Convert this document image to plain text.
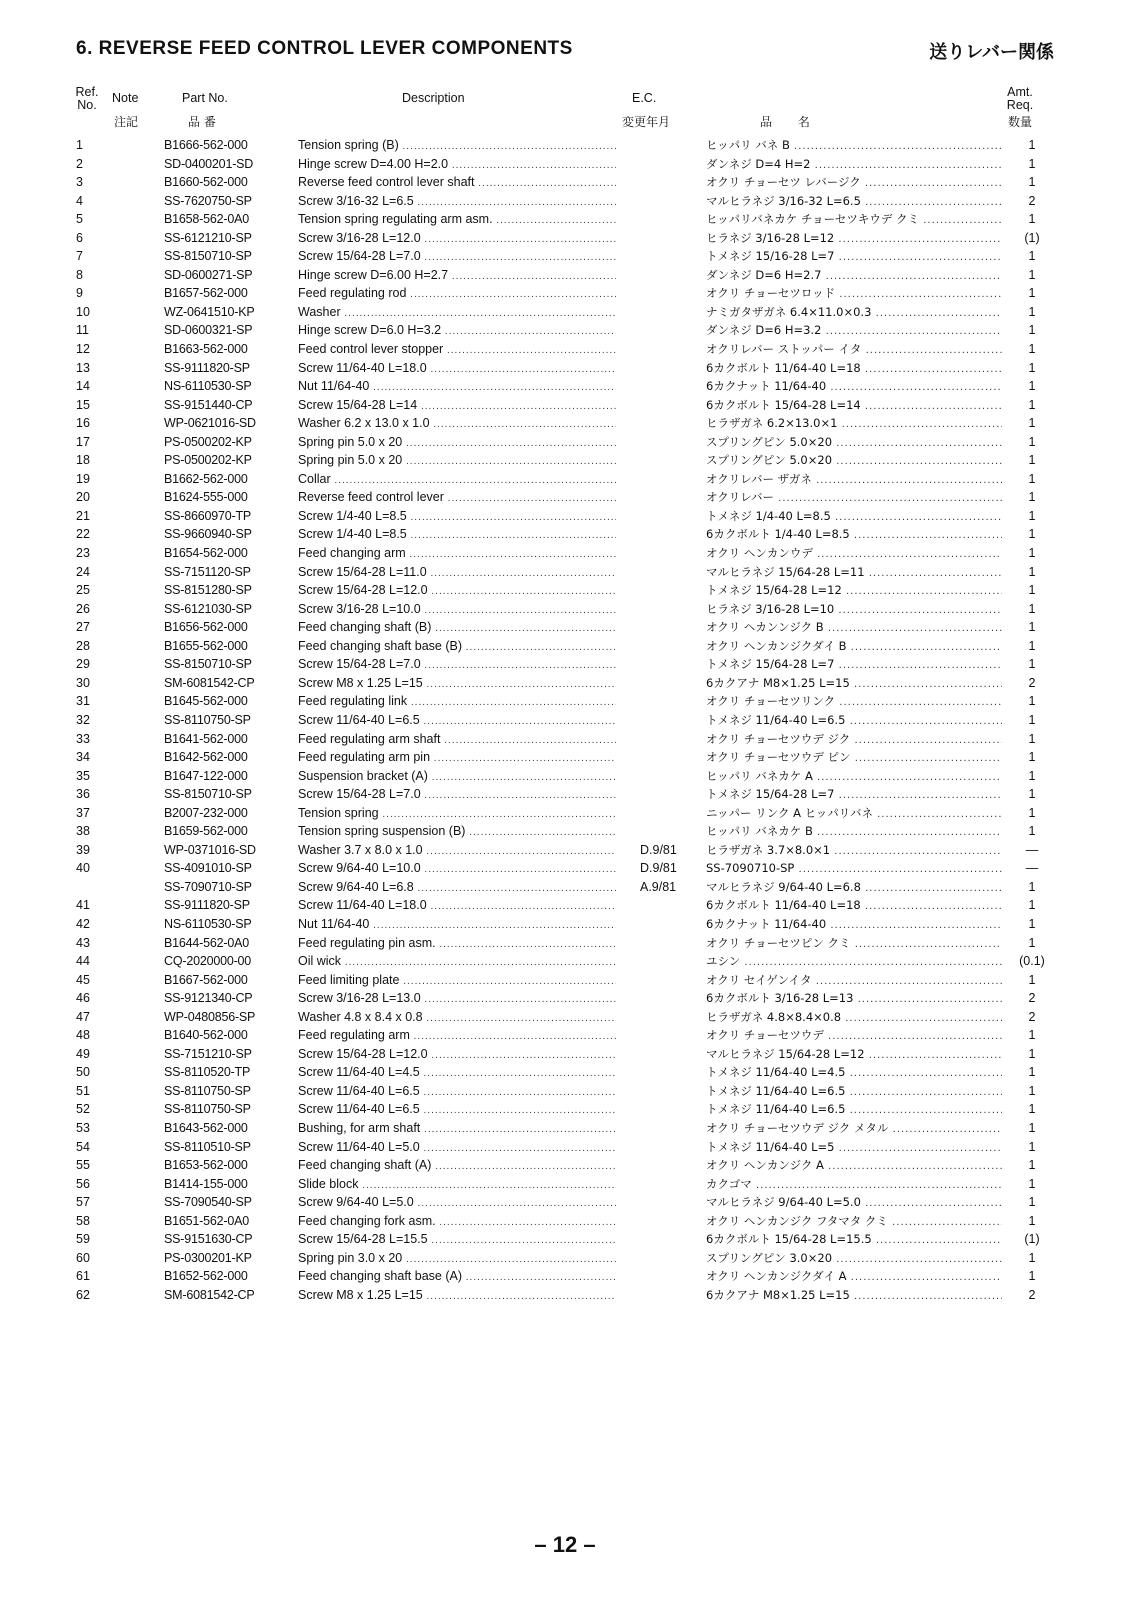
6. REVERSE FEED CONTROL LEVER COMPONENTS	送りレバー関係
Ref.
No.	Note	Part No.	Description	E.C.	Amt.
Req.
注記	品 番	変更年月	品 名	数量
1	B1666-562-000	Tension spring (B) .....	ヒッパリ バネ B .....	1
2	SD-0400201-SD	Hinge screw D=4.00 H=2.0 .....	ダンネジ D=4 H=2 .....	1
3	B1660-562-000	Reverse feed control lever shaft .....	オクリ チョーセツ レバージク .....	1
4	SS-7620750-SP	Screw 3/16-32 L=6.5 .....	マルヒラネジ 3/16-32 L=6.5 .....	2
5	B1658-562-0A0	Tension spring regulating arm asm. .....	ヒッパリバネカケ チョーセツキウデ クミ .....	1
6	SS-6121210-SP	Screw 3/16-28 L=12.0 .....	ヒラネジ 3/16-28 L=12 .....	(1)
7	SS-8150710-SP	Screw 15/64-28 L=7.0 .....	トメネジ 15/16-28 L=7 .....	1
8	SD-0600271-SP	Hinge screw D=6.00 H=2.7 .....	ダンネジ D=6 H=2.7 .....	1
9	B1657-562-000	Feed regulating rod .....	オクリ チョーセツロッド .....	1
10	WZ-0641510-KP	Washer .....	ナミガタザガネ 6.4×11.0×0.3 .....	1
11	SD-0600321-SP	Hinge screw D=6.0 H=3.2 .....	ダンネジ D=6 H=3.2 .....	1
12	B1663-562-000	Feed control lever stopper .....	オクリレバー ストッパー イタ .....	1
13	SS-9111820-SP	Screw 11/64-40 L=18.0 .....	6カクボルト 11/64-40 L=18 .....	1
14	NS-6110530-SP	Nut 11/64-40 .....	6カクナット 11/64-40 .....	1
15	SS-9151440-CP	Screw 15/64-28 L=14 .....	6カクボルト 15/64-28 L=14 .....	1
16	WP-0621016-SD	Washer 6.2 x 13.0 x 1.0 .....	ヒラザガネ 6.2×13.0×1 .....	1
17	PS-0500202-KP	Spring pin 5.0 x 20 .....	スプリングピン 5.0×20 .....	1
18	PS-0500202-KP	Spring pin 5.0 x 20 .....	スプリングピン 5.0×20 .....	1
19	B1662-562-000	Collar .....	オクリレバー ザガネ .....	1
20	B1624-555-000	Reverse feed control lever .....	オクリレバー .....	1
21	SS-8660970-TP	Screw 1/4-40 L=8.5 .....	トメネジ 1/4-40 L=8.5 .....	1
22	SS-9660940-SP	Screw 1/4-40 L=8.5 .....	6カクボルト 1/4-40 L=8.5 .....	1
23	B1654-562-000	Feed changing arm .....	オクリ ヘンカンウデ .....	1
24	SS-7151120-SP	Screw 15/64-28 L=11.0 .....	マルヒラネジ 15/64-28 L=11 .....	1
25	SS-8151280-SP	Screw 15/64-28 L=12.0 .....	トメネジ 15/64-28 L=12 .....	1
26	SS-6121030-SP	Screw 3/16-28 L=10.0 .....	ヒラネジ 3/16-28 L=10 .....	1
27	B1656-562-000	Feed changing shaft (B) .....	オクリ ヘカンンジク B .....	1
28	B1655-562-000	Feed changing shaft base (B) .....	オクリ ヘンカンジクダイ B .....	1
29	SS-8150710-SP	Screw 15/64-28 L=7.0 .....	トメネジ 15/64-28 L=7 .....	1
30	SM-6081542-CP	Screw M8 x 1.25 L=15 .....	6カクアナ M8×1.25 L=15 .....	2
31	B1645-562-000	Feed regulating link .....	オクリ チョーセツリンク .....	1
32	SS-8110750-SP	Screw 11/64-40 L=6.5 .....	トメネジ 11/64-40 L=6.5 .....	1
33	B1641-562-000	Feed regulating arm shaft .....	オクリ チョーセツウデ ジク .....	1
34	B1642-562-000	Feed regulating arm pin .....	オクリ チョーセツウデ ピン .....	1
35	B1647-122-000	Suspension bracket (A) .....	ヒッパリ バネカケ A .....	1
36	SS-8150710-SP	Screw 15/64-28 L=7.0 .....	トメネジ 15/64-28 L=7 .....	1
37	B2007-232-000	Tension spring .....	ニッパー リンク A ヒッパリバネ .....	1
38	B1659-562-000	Tension spring suspension (B) .....	ヒッパリ バネカケ B .....	1
39	WP-0371016-SD	Washer 3.7 x 8.0 x 1.0 .....	D.9/81	ヒラザガネ 3.7×8.0×1 .....	—
40	SS-4091010-SP	Screw 9/64-40 L=10.0 .....	D.9/81	SS-7090710-SP .....	—
SS-7090710-SP	Screw 9/64-40 L=6.8 .....	A.9/81	マルヒラネジ 9/64-40 L=6.8 .....	1
41	SS-9111820-SP	Screw 11/64-40 L=18.0 .....	6カクボルト 11/64-40 L=18 .....	1
42	NS-6110530-SP	Nut 11/64-40 .....	6カクナット 11/64-40 .....	1
43	B1644-562-0A0	Feed regulating pin asm. .....	オクリ チョーセツピン クミ .....	1
44	CQ-2020000-00	Oil wick .....	ユシン .....	(0.1)
45	B1667-562-000	Feed limiting plate .....	オクリ セイゲンイタ .....	1
46	SS-9121340-CP	Screw 3/16-28 L=13.0 .....	6カクボルト 3/16-28 L=13 .....	2
47	WP-0480856-SP	Washer 4.8 x 8.4 x 0.8 .....	ヒラザガネ 4.8×8.4×0.8 .....	2
48	B1640-562-000	Feed regulating arm .....	オクリ チョーセツウデ .....	1
49	SS-7151210-SP	Screw 15/64-28 L=12.0 .....	マルヒラネジ 15/64-28 L=12 .....	1
50	SS-8110520-TP	Screw 11/64-40 L=4.5 .....	トメネジ 11/64-40 L=4.5 .....	1
51	SS-8110750-SP	Screw 11/64-40 L=6.5 .....	トメネジ 11/64-40 L=6.5 .....	1
52	SS-8110750-SP	Screw 11/64-40 L=6.5 .....	トメネジ 11/64-40 L=6.5 .....	1
53	B1643-562-000	Bushing, for arm shaft .....	オクリ チョーセツウデ ジク メタル .....	1
54	SS-8110510-SP	Screw 11/64-40 L=5.0 .....	トメネジ 11/64-40 L=5 .....	1
55	B1653-562-000	Feed changing shaft (A) .....	オクリ ヘンカンジク A .....	1
56	B1414-155-000	Slide block .....	カクゴマ .....	1
57	SS-7090540-SP	Screw 9/64-40 L=5.0 .....	マルヒラネジ 9/64-40 L=5.0 .....	1
58	B1651-562-0A0	Feed changing fork asm. .....	オクリ ヘンカンジク フタマタ クミ .....	1
59	SS-9151630-CP	Screw 15/64-28 L=15.5 .....	6カクボルト 15/64-28 L=15.5 .....	(1)
60	PS-0300201-KP	Spring pin 3.0 x 20 .....	スプリングピン 3.0×20 .....	1
61	B1652-562-000	Feed changing shaft base (A) .....	オクリ ヘンカンジクダイ A .....	1
62	SM-6081542-CP	Screw M8 x 1.25 L=15 .....	6カクアナ M8×1.25 L=15 .....	2
– 12 –
